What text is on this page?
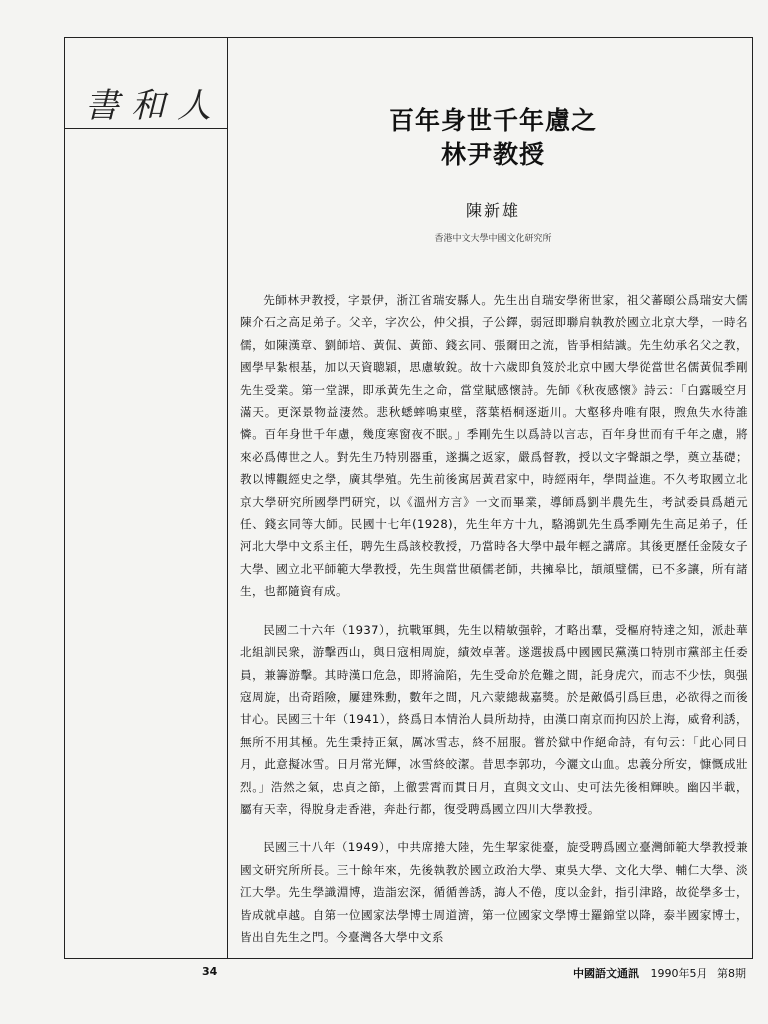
書和人	百年身世千年慮之
林尹教授
陳新雄
香港中文大學中國文化研究所

先師林尹教授，字景伊，浙江省瑞安縣人。先生出自瑞安學術世家，祖父蕃頤公爲瑞安大儒陳介石之高足弟子。父辛，字次公，仲父損，子公鐸，弱冠即聯肩執教於國立北京大學，一時名儒，如陳漢章、劉師培、黃侃、黃節、錢玄同、張爾田之流，皆爭相結識。先生幼承名父之教，國學早紮根基，加以天資聰穎，思慮敏銳。故十六歲即負笈於北京中國大學從當世名儒黃侃季剛先生受業。第一堂課，即承黃先生之命，當堂賦感懷詩。先師《秋夜感懷》詩云：「白露暖空月滿天。更深景物益淒然。悲秋蟋蟀鳴東壁，落葉梧桐逐逝川。大壑移舟唯有限，煦魚失水待誰憐。百年身世千年慮，幾度寒窗夜不眠。」季剛先生以爲詩以言志，百年身世而有千年之慮，將來必爲傳世之人。對先生乃特別器重，遂攜之返家，嚴爲督教，授以文字聲韻之學，奠立基礎；教以博觀經史之學，廣其學殖。先生前後寓居黃君家中，時經兩年，學問益進。不久考取國立北京大學研究所國學門研究，以《溫州方言》一文而畢業，導師爲劉半農先生，考試委員爲趙元任、錢玄同等大師。民國十七年(1928)，先生年方十九，駱鴻凱先生爲季剛先生高足弟子，任河北大學中文系主任，聘先生爲該校教授，乃當時各大學中最年輕之講席。其後更歷任金陵女子大學、國立北平師範大學教授，先生與當世碩儒老師，共擁皋比，頡頏璧儒，已不多讓，所有諸生，也都隨資有成。

民國二十六年（1937），抗戰軍興，先生以精敏强幹，才略出羣，受樞府特達之知，派赴華北組訓民衆，游擊西山，與日寇相周旋，績效卓著。遂選拔爲中國國民黨漢口特別市黨部主任委員，兼籌游擊。其時漢口危急，即將淪陷，先生受命於危難之間，託身虎穴，而志不少怯，與强寇周旋，出奇蹈險，屢建殊勳，數年之間，凡六蒙總裁嘉獎。於是敵僞引爲巨患，必欲得之而後甘心。民國三十年（1941），終爲日本情治人員所劫持，由漢口南京而拘囚於上海，威脅利誘，無所不用其極。先生秉持正氣，厲冰雪志，終不屈服。嘗於獄中作絕命詩，有句云：「此心同日月，此意擬冰雪。日月常光輝，冰雪終皎潔。昔思李郭功，今灑文山血。忠義分所安，慷慨成壯烈。」浩然之氣，忠貞之節，上徹雲霄而貫日月，直與文文山、史可法先後相輝映。幽囚半載，屬有天幸，得脫身走香港，奔赴行都，復受聘爲國立四川大學教授。

民國三十八年（1949），中共席捲大陸，先生挈家徙臺，旋受聘爲國立臺灣師範大學教授兼國文研究所所長。三十餘年來，先後執教於國立政治大學、東吳大學、文化大學、輔仁大學、淡江大學。先生學識淵博，造詣宏深，循循善誘，誨人不倦，度以金針，指引津路，故從學多士，皆成就卓越。自第一位國家法學博士周道濟，第一位國家文學博士羅錦堂以降，泰半國家博士，皆出自先生之門。今臺灣各大學中文系

34	中國語文通訊 1990年5月 第8期
